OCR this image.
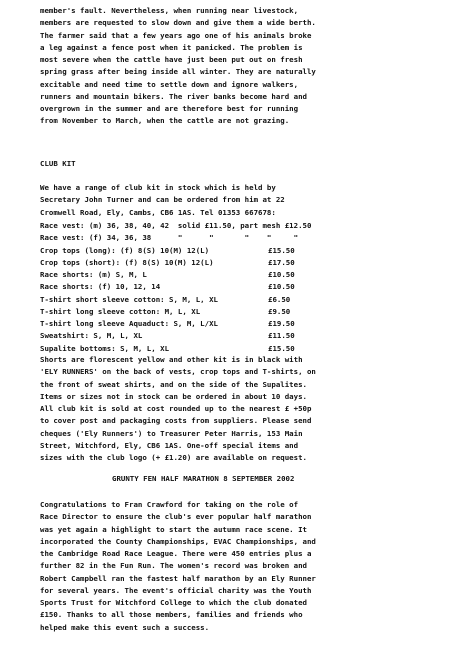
member's fault. Nevertheless, when running near livestock,
members are requested to slow down and give them a wide berth.
The farmer said that a few years ago one of his animals broke
a leg against a fence post when it panicked. The problem is
most severe when the cattle have just been put out on fresh
spring grass after being inside all winter. They are naturally
excitable and need time to settle down and ignore walkers,
runners and mountain bikers. The river banks become hard and
overgrown in the summer and are therefore best for running
from November to March, when the cattle are not grazing.
CLUB KIT
We have a range of club kit in stock which is held by
Secretary John Turner and can be ordered from him at 22
Cromwell Road, Ely, Cambs, CB6 1AS. Tel 01353 667678:
Race vest: (m) 36, 38, 40, 42  solid £11.50, part mesh £12.50
Race vest: (f) 34, 36, 38      "      "       "    "     "
Crop tops (long): (f) 8(S) 10(M) 12(L)	£15.50
Crop tops (short): (f) 8(S) 10(M) 12(L)	£17.50
Race shorts: (m) S, M, L	£10.50
Race shorts: (f) 10, 12, 14	£10.50
T-shirt short sleeve cotton: S, M, L, XL	£6.50
T-shirt long sleeve cotton: M, L, XL	£9.50
T-shirt long sleeve Aquaduct: S, M, L/XL	£19.50
Sweatshirt: S, M, L, XL	£11.50
Supalite bottoms: S, M, L, XL	£15.50
Shorts are florescent yellow and other kit is in black with
'ELY RUNNERS' on the back of vests, crop tops and T-shirts, on
the front of sweat shirts, and on the side of the Supalites.
Items or sizes not in stock can be ordered in about 10 days.
All club kit is sold at cost rounded up to the nearest £ +50p
to cover post and packaging costs from suppliers. Please send
cheques ('Ely Runners') to Treasurer Peter Harris, 153 Main
Street, Witchford, Ely, CB6 1AS. One-off special items and
sizes with the club logo (+ £1.20) are available on request.
GRUNTY FEN HALF MARATHON 8 SEPTEMBER 2002
Congratulations to Fran Crawford for taking on the role of
Race Director to ensure the club's ever popular half marathon
was yet again a highlight to start the autumn race scene. It
incorporated the County Championships, EVAC Championships, and
the Cambridge Road Race League. There were 450 entries plus a
further 82 in the Fun Run. The women's record was broken and
Robert Campbell ran the fastest half marathon by an Ely Runner
for several years. The event's official charity was the Youth
Sports Trust for Witchford College to which the club donated
£150. Thanks to all those members, families and friends who
helped make this event such a success.
